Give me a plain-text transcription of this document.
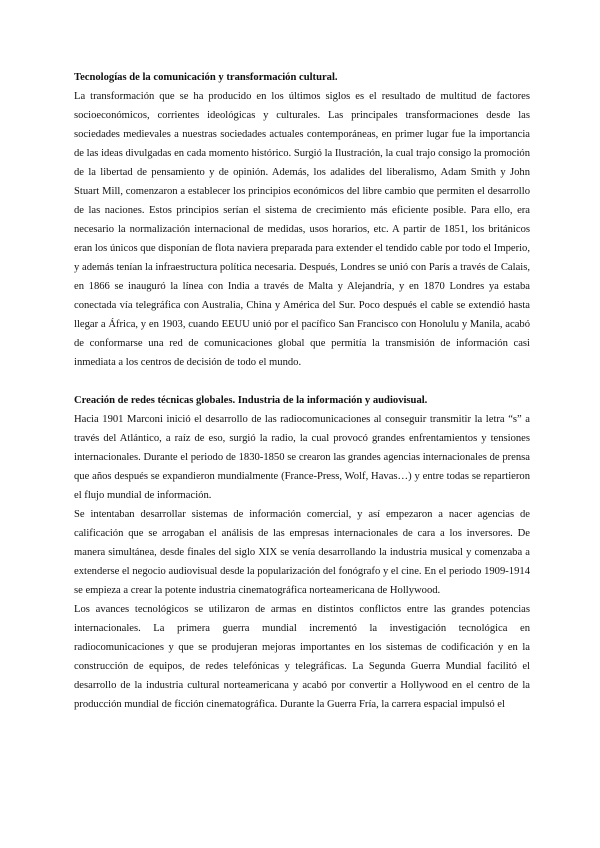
Tecnologías de la comunicación y transformación cultural.

La transformación que se ha producido en los últimos siglos es el resultado de multitud de factores socioeconómicos, corrientes ideológicas y culturales. Las principales transformaciones desde las sociedades medievales a nuestras sociedades actuales contemporáneas, en primer lugar fue la importancia de las ideas divulgadas en cada momento histórico. Surgió la Ilustración, la cual trajo consigo la promoción de la libertad de pensamiento y de opinión. Además, los adalides del liberalismo, Adam Smith y John Stuart Mill, comenzaron a establecer los principios económicos del libre cambio que permiten el desarrollo de las naciones. Estos principios serían el sistema de crecimiento más eficiente posible. Para ello, era necesario la normalización internacional de medidas, usos horarios, etc. A partir de 1851, los británicos eran los únicos que disponían de flota naviera preparada para extender el tendido cable por todo el Imperio, y además tenían la infraestructura política necesaria. Después, Londres se unió con París a través de Calais, en 1866 se inauguró la línea con India a través de Malta y Alejandría, y en 1870 Londres ya estaba conectada vía telegráfica con Australia, China y América del Sur. Poco después el cable se extendió hasta llegar a África, y en 1903, cuando EEUU unió por el pacífico San Francisco con Honolulu y Manila, acabó de conformarse una red de comunicaciones global que permitía la transmisión de información casi inmediata a los centros de decisión de todo el mundo.

Creación de redes técnicas globales. Industria de la información y audiovisual.

Hacia 1901 Marconi inició el desarrollo de las radiocomunicaciones al conseguir transmitir la letra “s” a través del Atlántico, a raíz de eso, surgió la radio, la cual provocó grandes enfrentamientos y tensiones internacionales. Durante el periodo de 1830-1850 se crearon las grandes agencias internacionales de prensa que años después se expandieron mundialmente (France-Press, Wolf, Havas…) y entre todas se repartieron el flujo mundial de información.

Se intentaban desarrollar sistemas de información comercial, y así empezaron a nacer agencias de calificación que se arrogaban el análisis de las empresas internacionales de cara a los inversores. De manera simultánea, desde finales del siglo XIX se venía desarrollando la industria musical y comenzaba a extenderse el negocio audiovisual desde la popularización del fonógrafo y el cine. En el periodo 1909-1914 se empieza a crear la potente industria cinematográfica norteamericana de Hollywood.

Los avances tecnológicos se utilizaron de armas en distintos conflictos entre las grandes potencias internacionales. La primera guerra mundial incrementó la investigación tecnológica en radiocomunicaciones y que se produjeran mejoras importantes en los sistemas de codificación y en la construcción de equipos, de redes telefónicas y telegráficas. La Segunda Guerra Mundial facilitó el desarrollo de la industria cultural norteamericana y acabó por convertir a Hollywood en el centro de la producción mundial de ficción cinematográfica. Durante la Guerra Fría, la carrera espacial impulsó el
